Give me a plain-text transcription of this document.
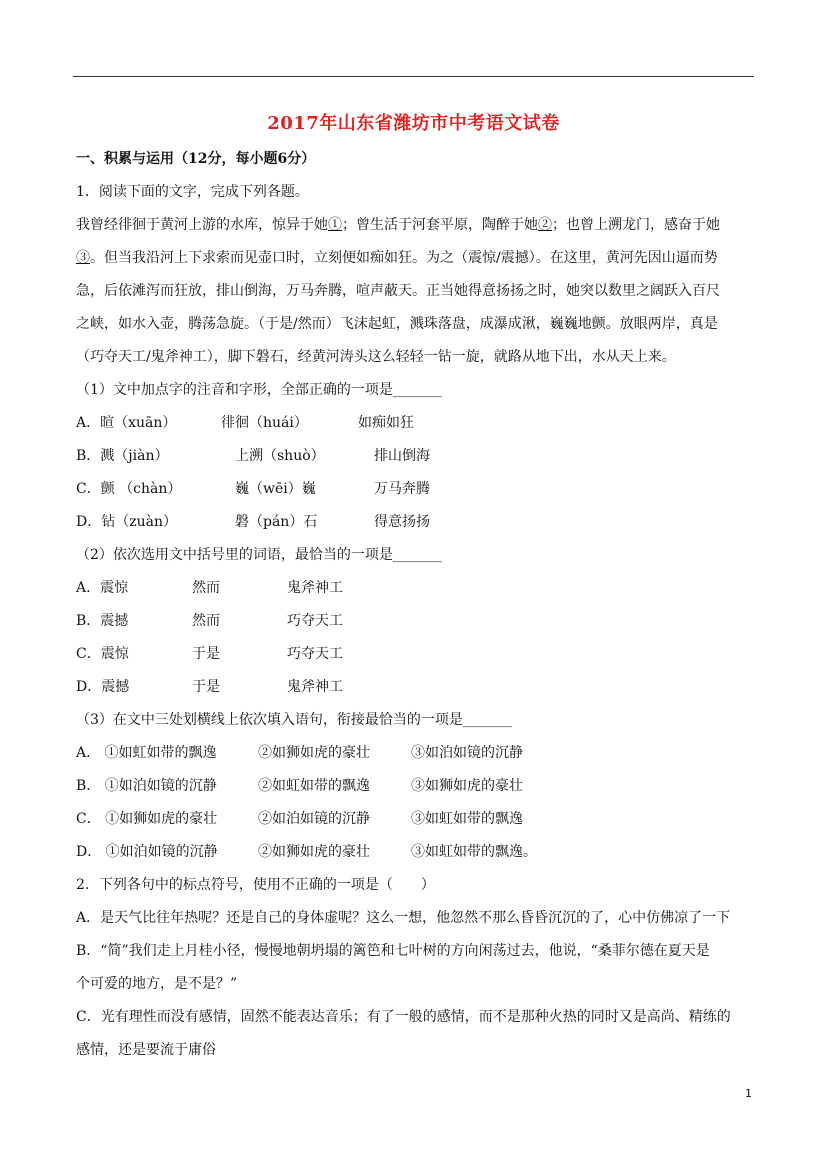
2017年山东省潍坊市中考语文试卷
一、积累与运用（12分，每小题6分）
1．阅读下面的文字，完成下列各题。
我曾经徘徊于黄河上游的水库，惊异于她①；曾生活于河套平原，陶醉于她②；也曾上溯龙门，感奋于她
③。但当我沿河上下求索而见壶口时，立刻便如痴如狂。为之（震惊/震撼）。在这里，黄河先因山逼而势
急，后依滩泻而狂放，排山倒海，万马奔腾，喧声蔽天。正当她得意扬扬之时，她突以数里之阔跃入百尺
之峡，如水入壶，腾荡急旋。（于是/然而）飞沫起虹，溅珠落盘，成瀑成湫，巍巍地颤。放眼两岸，真是
（巧夺天工/鬼斧神工），脚下磐石，经黄河涛头这么轻轻一钻一旋，就路从地下出，水从天上来。
（1）文中加点字的注音和字形，全部正确的一项是_______
A．暄（xuān）	徘徊（huái）	如痴如狂
B．溅（jiàn）	上溯（shuò）	排山倒海
C．颤 （chàn）	巍（wēi）巍	万马奔腾
D．钻（zuàn）	磐（pán）石	得意扬扬
（2）依次选用文中括号里的词语，最恰当的一项是_______
A．震惊	然而	鬼斧神工
B．震撼	然而	巧夺天工
C．震惊	于是	巧夺天工
D．震撼	于是	鬼斧神工
（3）在文中三处划横线上依次填入语句，衔接最恰当的一项是_______
A． ①如虹如带的飘逸	②如狮如虎的豪壮	③如泊如镜的沉静
B． ①如泊如镜的沉静	②如虹如带的飘逸	③如狮如虎的豪壮
C． ①如狮如虎的豪壮	②如泊如镜的沉静	③如虹如带的飘逸
D． ①如泊如镜的沉静	②如狮如虎的豪壮	③如虹如带的飘逸。
2．下列各句中的标点符号，使用不正确的一项是（　　）
A．是天气比往年热呢？还是自己的身体虚呢？这么一想，他忽然不那么昏昏沉沉的了，心中仿佛凉了一下
B．“简”我们走上月桂小径，慢慢地朝坍塌的篱笆和七叶树的方向闲荡过去，他说，“桑菲尔德在夏天是
个可爱的地方，是不是？”
C．光有理性而没有感情，固然不能表达音乐；有了一般的感情，而不是那种火热的同时又是高尚、精练的
感情，还是要流于庸俗
1
